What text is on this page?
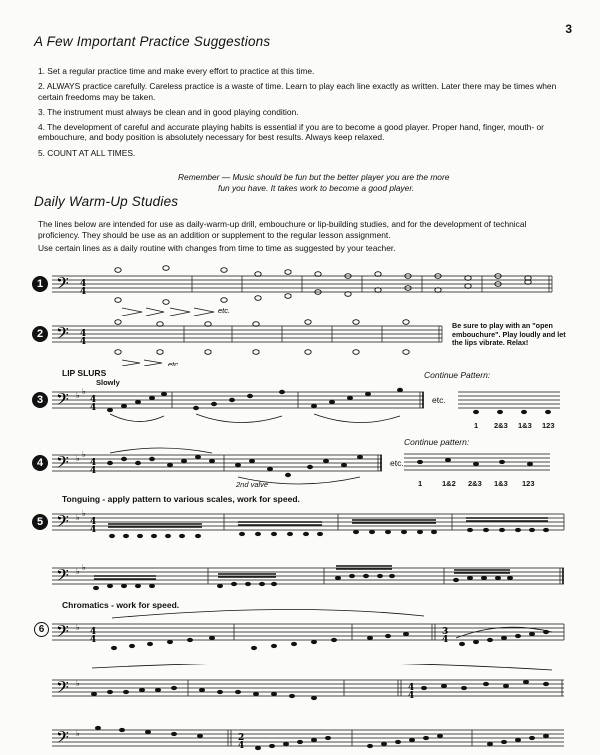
3
A Few Important Practice Suggestions
1. Set a regular practice time and make every effort to practice at this time.
2. ALWAYS practice carefully. Careless practice is a waste of time. Learn to play each line exactly as written. Later there may be times when certain freedoms may be taken.
3. The instrument must always be clean and in good playing condition.
4. The development of careful and accurate playing habits is essential if you are to become a good player. Proper hand, finger, mouth- or embouchure, and body position is absolutely necessary for best results. Always keep relaxed.
5. COUNT AT ALL TIMES.
Remember — Music should be fun but the better player you are the more
fun you have. It takes work to become a good player.
Daily Warm-Up Studies

The lines below are intended for use as daily-warm-up drill, embouchure or lip-building studies, and for the development of technical proficiency. They should be use as an addition or supplement to the regular lesson assignment.

Use certain lines as a daily routine with changes from time to time as suggested by your teacher.

1 𝄢 4
4
etc.
2 𝄢 4
4
etc.
Be sure to play with an "open embouchure". Play loudly and let the lips vibrate. Relax!
LIP SLURS
Slowly
Continue Pattern:
3 𝄢 ♭ ♭
4
4
etc.
1 2&3 1&3 123
Continue pattern:
4 𝄢 ♭ ♭
4
4
2nd valve
etc.
1	1&2 2&3 1&3 123
Tonguing - apply pattern to various scales, work for speed.
5 𝄢 ♭ ♭
4
4
𝄢 ♭ ♭
Chromatics - work for speed.
6 𝄢 ♭ 4
4
3
4
𝄢 ♭	4
4
𝄢 ♭	2
4
